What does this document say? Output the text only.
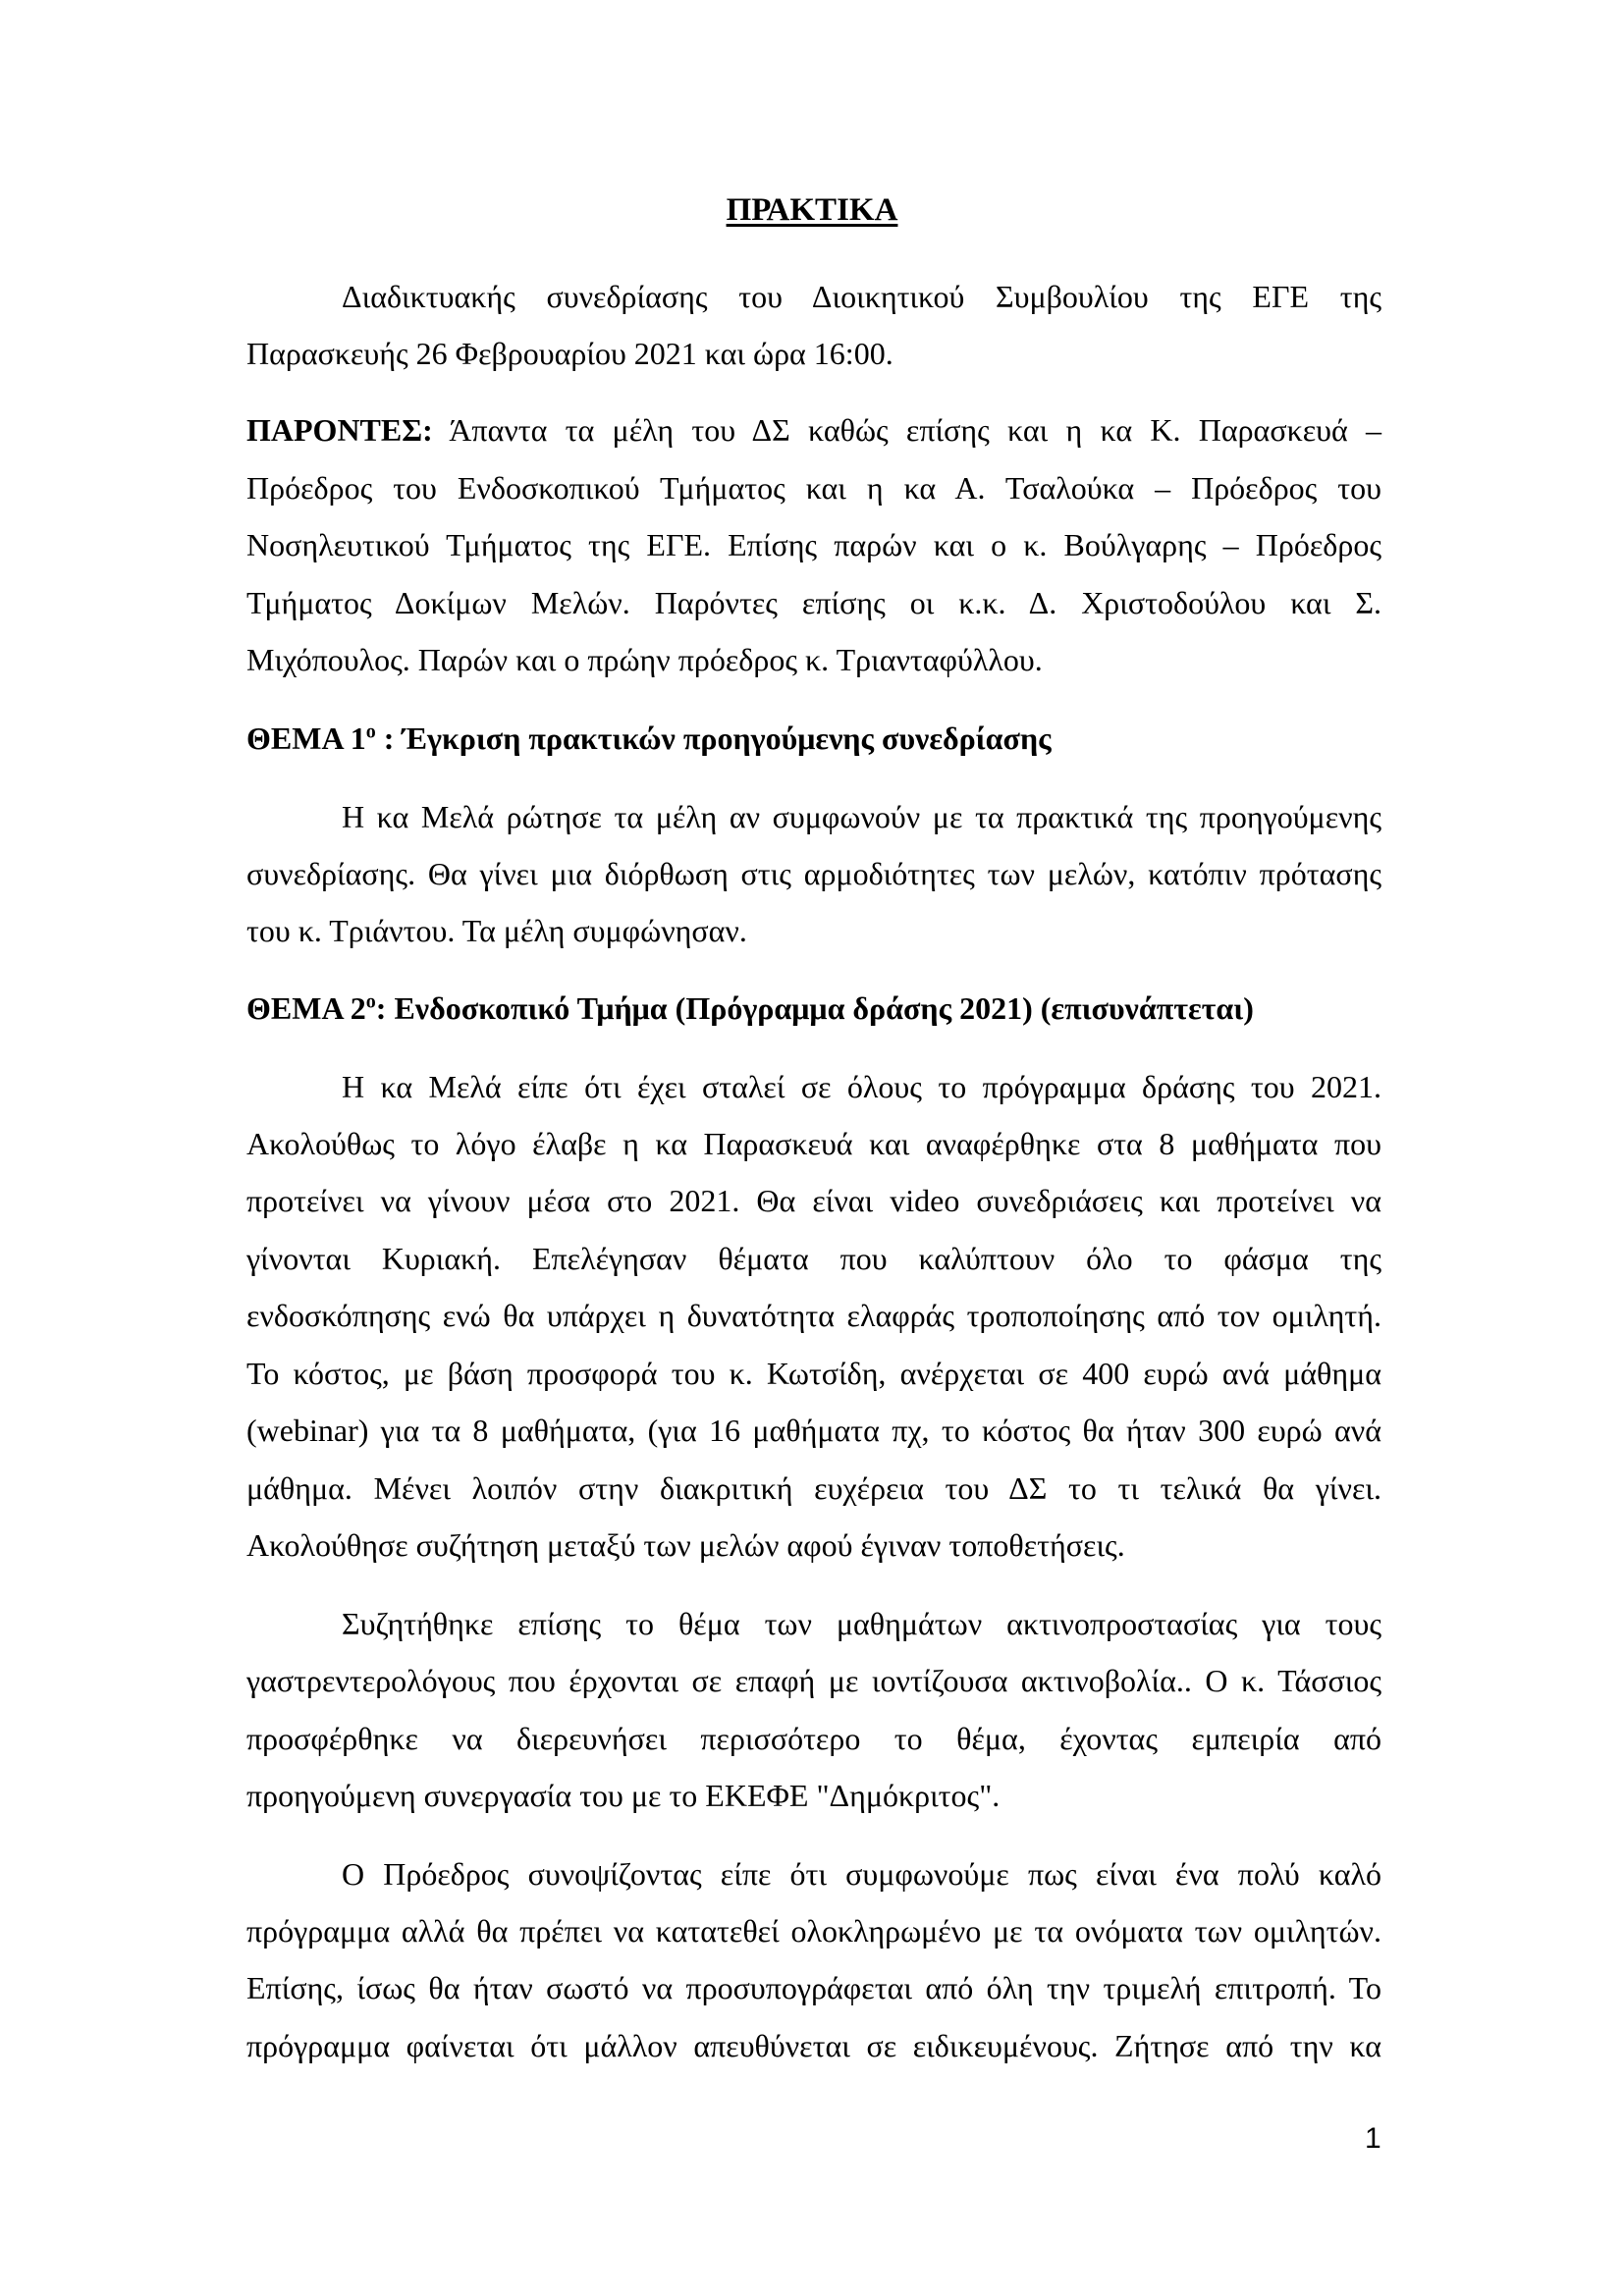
ΠΡΑΚΤΙΚΑ
Διαδικτυακής συνεδρίασης του Διοικητικού Συμβουλίου της ΕΓΕ της
Παρασκευής 26 Φεβρουαρίου 2021 και ώρα 16:00.
ΠΑΡΟΝΤΕΣ: Άπαντα τα μέλη του ΔΣ καθώς επίσης και η κα Κ. Παρασκευά –
Πρόεδρος του Ενδοσκοπικού Τμήματος και η κα Α. Τσαλούκα – Πρόεδρος του
Νοσηλευτικού Τμήματος της ΕΓΕ. Επίσης παρών και ο κ. Βούλγαρης – Πρόεδρος
Τμήματος Δοκίμων Μελών. Παρόντες επίσης οι κ.κ. Δ. Χριστοδούλου και Σ.
Μιχόπουλος. Παρών και ο πρώην πρόεδρος κ. Τριανταφύλλου.
ΘΕΜΑ $1^o$ : Έγκριση πρακτικών προηγούμενης συνεδρίασης
Η κα Μελά ρώτησε τα μέλη αν συμφωνούν με τα πρακτικά της προηγούμενης
συνεδρίασης. Θα γίνει μια διόρθωση στις αρμοδιότητες των μελών, κατόπιν πρότασης
του κ. Τριάντου. Τα μέλη συμφώνησαν.
ΘΕΜΑ $2^o$: Ενδοσκοπικό Τμήμα (Πρόγραμμα δράσης 2021) (επισυνάπτεται)
Η κα Μελά είπε ότι έχει σταλεί σε όλους το πρόγραμμα δράσης του 2021.
Ακολούθως το λόγο έλαβε η κα Παρασκευά και αναφέρθηκε στα 8 μαθήματα που
προτείνει να γίνουν μέσα στο 2021. Θα είναι video συνεδριάσεις και προτείνει να
γίνονται Κυριακή. Επελέγησαν θέματα που καλύπτουν όλο το φάσμα της
ενδοσκόπησης ενώ θα υπάρχει η δυνατότητα ελαφράς τροποποίησης από τον ομιλητή.
Το κόστος, με βάση προσφορά του κ. Κωτσίδη, ανέρχεται σε 400 ευρώ ανά μάθημα
(webinar) για τα 8 μαθήματα, (για 16 μαθήματα πχ, το κόστος θα ήταν 300 ευρώ ανά
μάθημα. Μένει λοιπόν στην διακριτική ευχέρεια του ΔΣ το τι τελικά θα γίνει.
Ακολούθησε συζήτηση μεταξύ των μελών αφού έγιναν τοποθετήσεις.
Συζητήθηκε επίσης το θέμα των μαθημάτων ακτινοπροστασίας για τους
γαστρεντερολόγους που έρχονται σε επαφή με ιοντίζουσα ακτινοβολία.. Ο κ. Τάσσιος
προσφέρθηκε να διερευνήσει περισσότερο το θέμα, έχοντας εμπειρία από
προηγούμενη συνεργασία του με το ΕΚΕΦΕ "Δημόκριτος".
Ο Πρόεδρος συνοψίζοντας είπε ότι συμφωνούμε πως είναι ένα πολύ καλό
πρόγραμμα αλλά θα πρέπει να κατατεθεί ολοκληρωμένο με τα ονόματα των ομιλητών.
Επίσης, ίσως θα ήταν σωστό να προσυπογράφεται από όλη την τριμελή επιτροπή. Το
πρόγραμμα φαίνεται ότι μάλλον απευθύνεται σε ειδικευμένους. Ζήτησε από την κα
1
